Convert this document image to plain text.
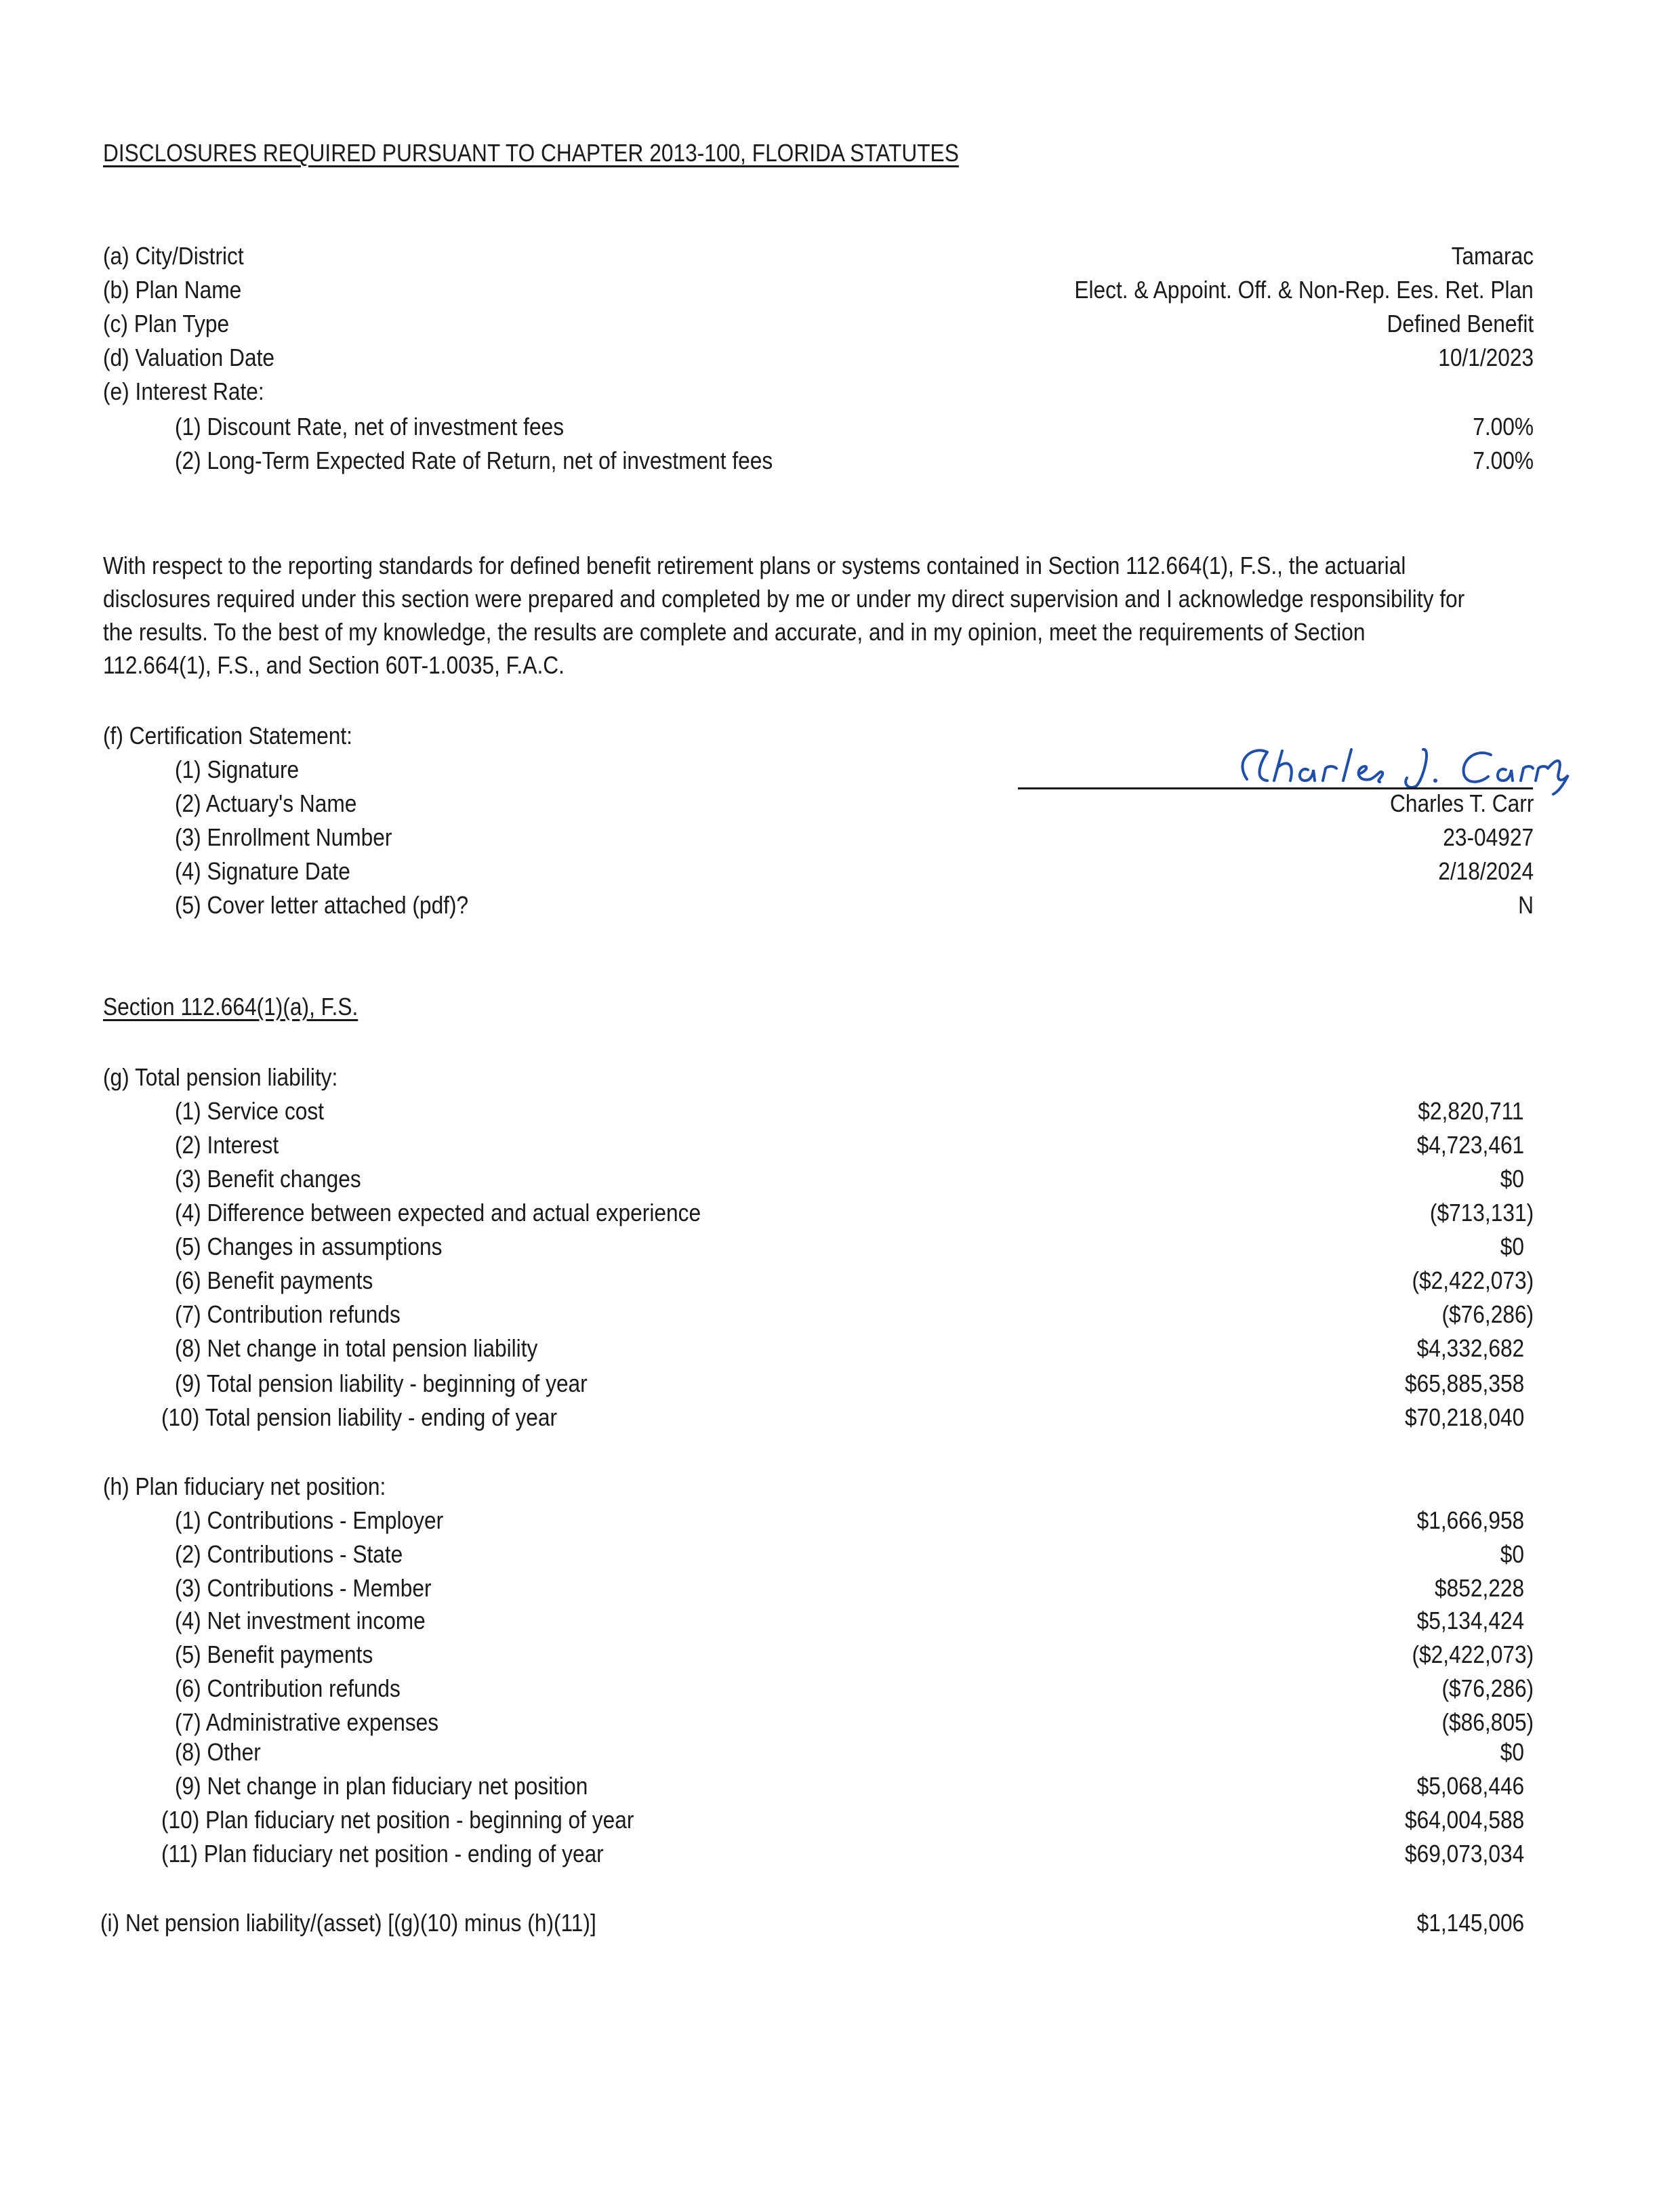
DISCLOSURES REQUIRED PURSUANT TO CHAPTER 2013-100, FLORIDA STATUTES
(a) City/District	Tamarac
(b) Plan Name	Elect. & Appoint. Off. & Non-Rep. Ees. Ret. Plan
(c) Plan Type	Defined Benefit
(d) Valuation Date	10/1/2023
(e) Interest Rate:
(1) Discount Rate, net of investment fees	7.00%
(2) Long-Term Expected Rate of Return, net of investment fees	7.00%
With respect to the reporting standards for defined benefit retirement plans or systems contained in Section 112.664(1), F.S., the actuarial disclosures required under this section were prepared and completed by me or under my direct supervision and I acknowledge responsibility for the results. To the best of my knowledge, the results are complete and accurate, and in my opinion, meet the requirements of Section 112.664(1), F.S., and Section 60T-1.0035, F.A.C.
(f) Certification Statement:
(1) Signature
(2) Actuary's Name	Charles T. Carr
(3) Enrollment Number	23-04927
(4) Signature Date	2/18/2024
(5) Cover letter attached (pdf)?	N
Section 112.664(1)(a), F.S.
(g) Total pension liability:
(1) Service cost	$2,820,711
(2) Interest	$4,723,461
(3) Benefit changes	$0
(4) Difference between expected and actual experience	($713,131)
(5) Changes in assumptions	$0
(6) Benefit payments	($2,422,073)
(7) Contribution refunds	($76,286)
(8) Net change in total pension liability	$4,332,682
(9) Total pension liability - beginning of year	$65,885,358
(10) Total pension liability - ending of year	$70,218,040
(h) Plan fiduciary net position:
(1) Contributions - Employer	$1,666,958
(2) Contributions - State	$0
(3) Contributions - Member	$852,228
(4) Net investment income	$5,134,424
(5) Benefit payments	($2,422,073)
(6) Contribution refunds	($76,286)
(7) Administrative expenses	($86,805)
(8) Other	$0
(9) Net change in plan fiduciary net position	$5,068,446
(10) Plan fiduciary net position - beginning of year	$64,004,588
(11) Plan fiduciary net position - ending of year	$69,073,034
(i) Net pension liability/(asset) [(g)(10) minus (h)(11)]	$1,145,006
